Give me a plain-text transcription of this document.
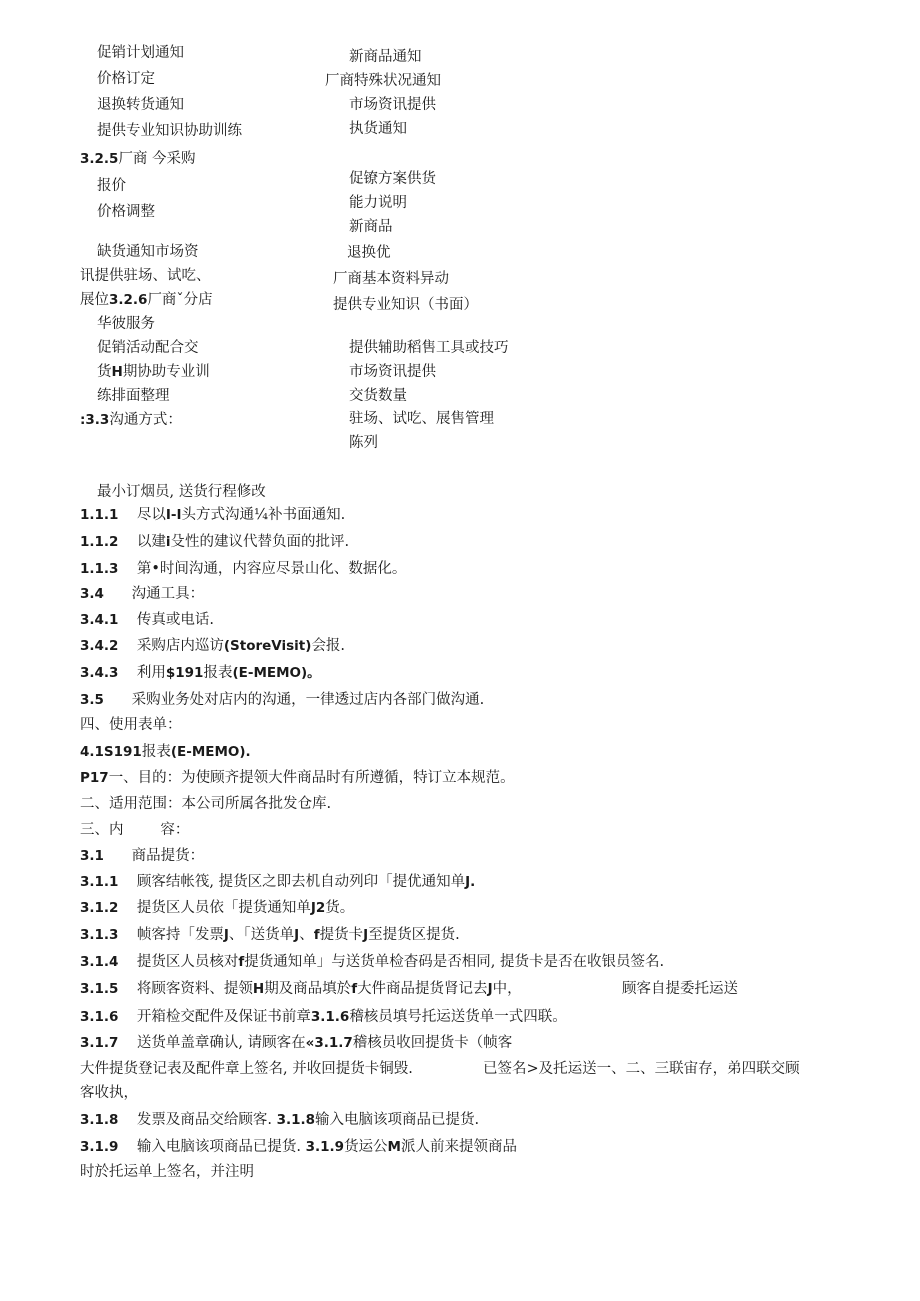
促销计划通知
价格订定
退换转货通知
提供专业知识协助训练
3.2.5厂商 今采购
报价
价格调整
缺货通知市场资
讯提供驻场、试吃、
展位3.2.6厂商ˇ分店
华彼服务
促销活动配合交
货H期协助专业训
练排面整理
:3.3沟通方式：
新商品通知
厂商特殊状况通知
市场资讯提供
执货通知
促镣方案供货
能力说明
新商品
退换优
厂商基本资料异动
提供专业知识（书面）
提供辅助稻售工具或技巧
市场资讯提供
交货数量
驻场、试吃、展售管理
陈列
最小订烟员, 送货行程修改
1.1.1 尽以I-I头方式沟通¼补书面通知.
1.1.2 以建i殳性的建议代替负面的批评.
1.1.3 第•时间沟通，内容应尽景山化、数据化。
3.4 沟通工具：
3.4.1 传真或电话.
3.4.2 采购店内巡访(StoreVisit)会报.
3.4.3 利用$191报表(E-MEMO)。
3.5 采购业务处对店内的沟通，一律透过店内各部门做沟通.
四、使用表单：
4.1S191报表(E-MEMO).
P17一、目的：为使顾齐提领大件商品时有所遵循，特订立本规范。
二、适用范围：本公司所属各批发仓库.
三、内	容：
3.1 商品提货：
3.1.1 顾客结帐筏, 提货区之即去机自动列印「提优通知单J.
3.1.2 提货区人员依「提货通知单J2货。
3.1.3 帧客持「发票J、「送货单J、f提货卡J至提货区提货.
3.1.4 提货区人员核对f提货通知单」与送货单检杳码是否相同, 提货卡是否在收银员签名.
3.1.5 将顾客资料、提领H期及商品填於f大件商品提货肾记去J中，	顾客自提委托运送
3.1.6 开箱检交配件及保证书前章3.1.6稽核员填号托运送货单一式四联。
3.1.7 送货单盖章确认, 请顾客在«3.1.7稽核员收回提货卡（帧客
大件提货登记表及配件章上签名, 并收回提货卡铜毁.	已签名>及托运送一、二、三联宙存，弟四联交顾
客收执，
3.1.8 发票及商品交给顾客. 3.1.8输入电脑该项商品已提货.
3.1.9 输入电脑该项商品已提货. 3.1.9货运公M派人前来提领商品
时於托运单上签名，并注明
